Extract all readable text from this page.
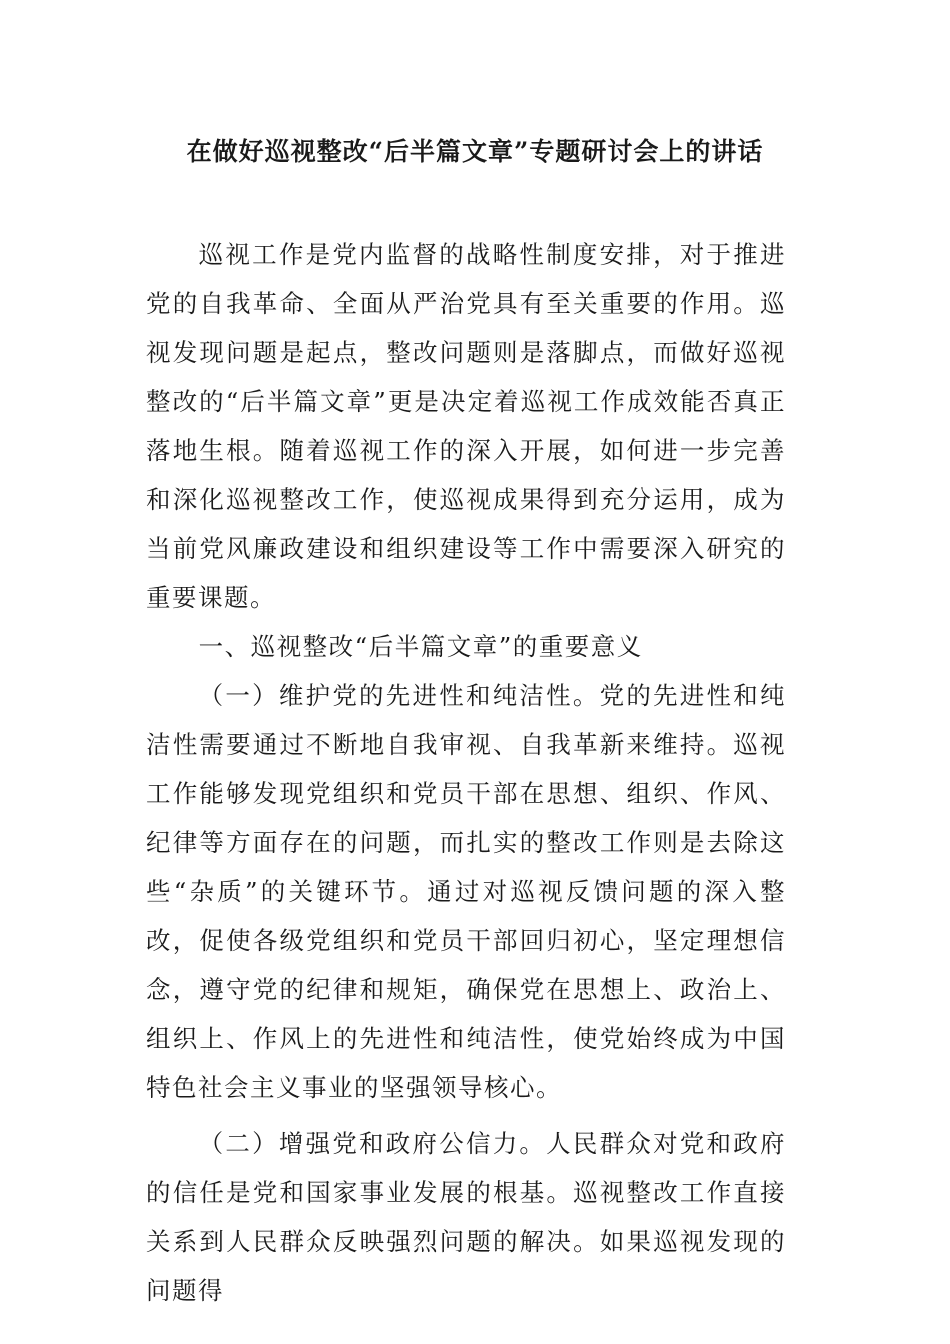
在做好巡视整改“后半篇文章”专题研讨会上的讲话

巡视工作是党内监督的战略性制度安排，对于推进党的自我革命、全面从严治党具有至关重要的作用。巡视发现问题是起点，整改问题则是落脚点，而做好巡视整改的“后半篇文章”更是决定着巡视工作成效能否真正落地生根。随着巡视工作的深入开展，如何进一步完善和深化巡视整改工作，使巡视成果得到充分运用，成为当前党风廉政建设和组织建设等工作中需要深入研究的重要课题。

一、巡视整改“后半篇文章”的重要意义

（一）维护党的先进性和纯洁性。党的先进性和纯洁性需要通过不断地自我审视、自我革新来维持。巡视工作能够发现党组织和党员干部在思想、组织、作风、纪律等方面存在的问题，而扎实的整改工作则是去除这些“杂质”的关键环节。通过对巡视反馈问题的深入整改，促使各级党组织和党员干部回归初心，坚定理想信念，遵守党的纪律和规矩，确保党在思想上、政治上、组织上、作风上的先进性和纯洁性，使党始终成为中国特色社会主义事业的坚强领导核心。

（二）增强党和政府公信力。人民群众对党和政府的信任是党和国家事业发展的根基。巡视整改工作直接关系到人民群众反映强烈问题的解决。如果巡视发现的问题得
